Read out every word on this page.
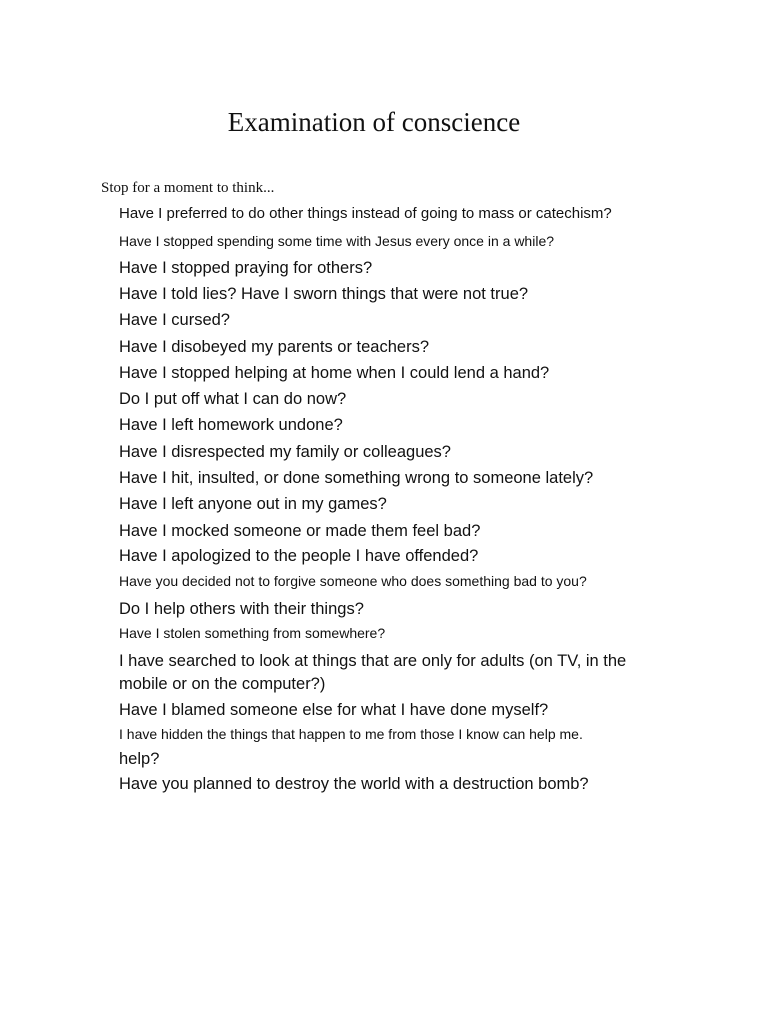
Examination of conscience
Stop for a moment to think...
Have I preferred to do other things instead of going to mass or catechism?
Have I stopped spending some time with Jesus every once in a while?
Have I stopped praying for others?
Have I told lies? Have I sworn things that were not true?
Have I cursed?
Have I disobeyed my parents or teachers?
Have I stopped helping at home when I could lend a hand?
Do I put off what I can do now?
Have I left homework undone?
Have I disrespected my family or colleagues?
Have I hit, insulted, or done something wrong to someone lately?
Have I left anyone out in my games?
Have I mocked someone or made them feel bad?
Have I apologized to the people I have offended?
Have you decided not to forgive someone who does something bad to you?
Do I help others with their things?
Have I stolen something from somewhere?
I have searched to look at things that are only for adults (on TV, in the
mobile or on the computer?)
Have I blamed someone else for what I have done myself?
I have hidden the things that happen to me from those I know can help me.
help?
Have you planned to destroy the world with a destruction bomb?
